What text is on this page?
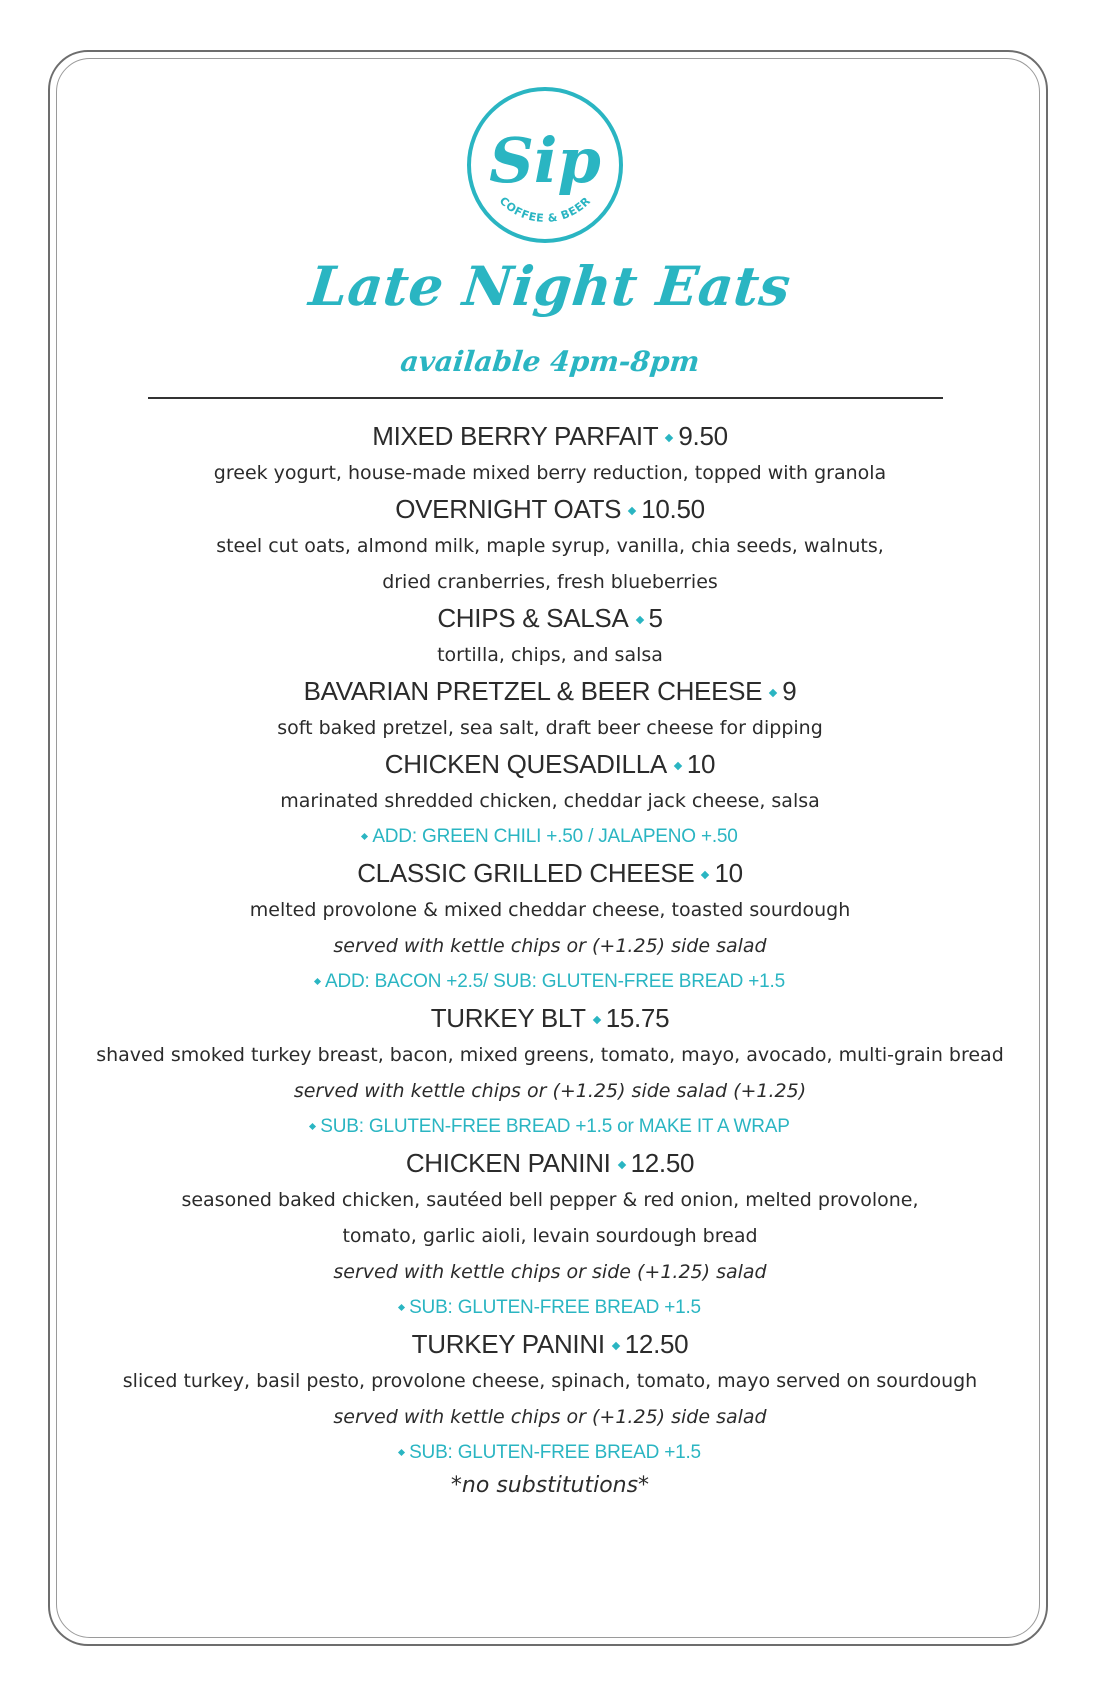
Sip
COFFEE & BEER
Late Night Eats
available 4pm-8pm
MIXED BERRY PARFAIT 9.50
greek yogurt, house-made mixed berry reduction, topped with granola
OVERNIGHT OATS 10.50
steel cut oats, almond milk, maple syrup, vanilla, chia seeds, walnuts,
dried cranberries, fresh blueberries
CHIPS & SALSA 5
tortilla, chips, and salsa
BAVARIAN PRETZEL & BEER CHEESE 9
soft baked pretzel, sea salt, draft beer cheese for dipping
CHICKEN QUESADILLA 10
marinated shredded chicken, cheddar jack cheese, salsa
ADD: GREEN CHILI +.50 / JALAPENO +.50
CLASSIC GRILLED CHEESE 10
melted provolone & mixed cheddar cheese, toasted sourdough
served with kettle chips or (+1.25) side salad
ADD: BACON +2.5/ SUB: GLUTEN-FREE BREAD +1.5
TURKEY BLT 15.75
shaved smoked turkey breast, bacon, mixed greens, tomato, mayo, avocado, multi-grain bread
served with kettle chips or (+1.25) side salad (+1.25)
SUB: GLUTEN-FREE BREAD +1.5 or MAKE IT A WRAP
CHICKEN PANINI 12.50
seasoned baked chicken, sautéed bell pepper & red onion, melted provolone,
tomato, garlic aioli, levain sourdough bread
served with kettle chips or side (+1.25) salad
SUB: GLUTEN-FREE BREAD +1.5
TURKEY PANINI 12.50
sliced turkey, basil pesto, provolone cheese, spinach, tomato, mayo served on sourdough
served with kettle chips or (+1.25) side salad
SUB: GLUTEN-FREE BREAD +1.5
*no substitutions*
